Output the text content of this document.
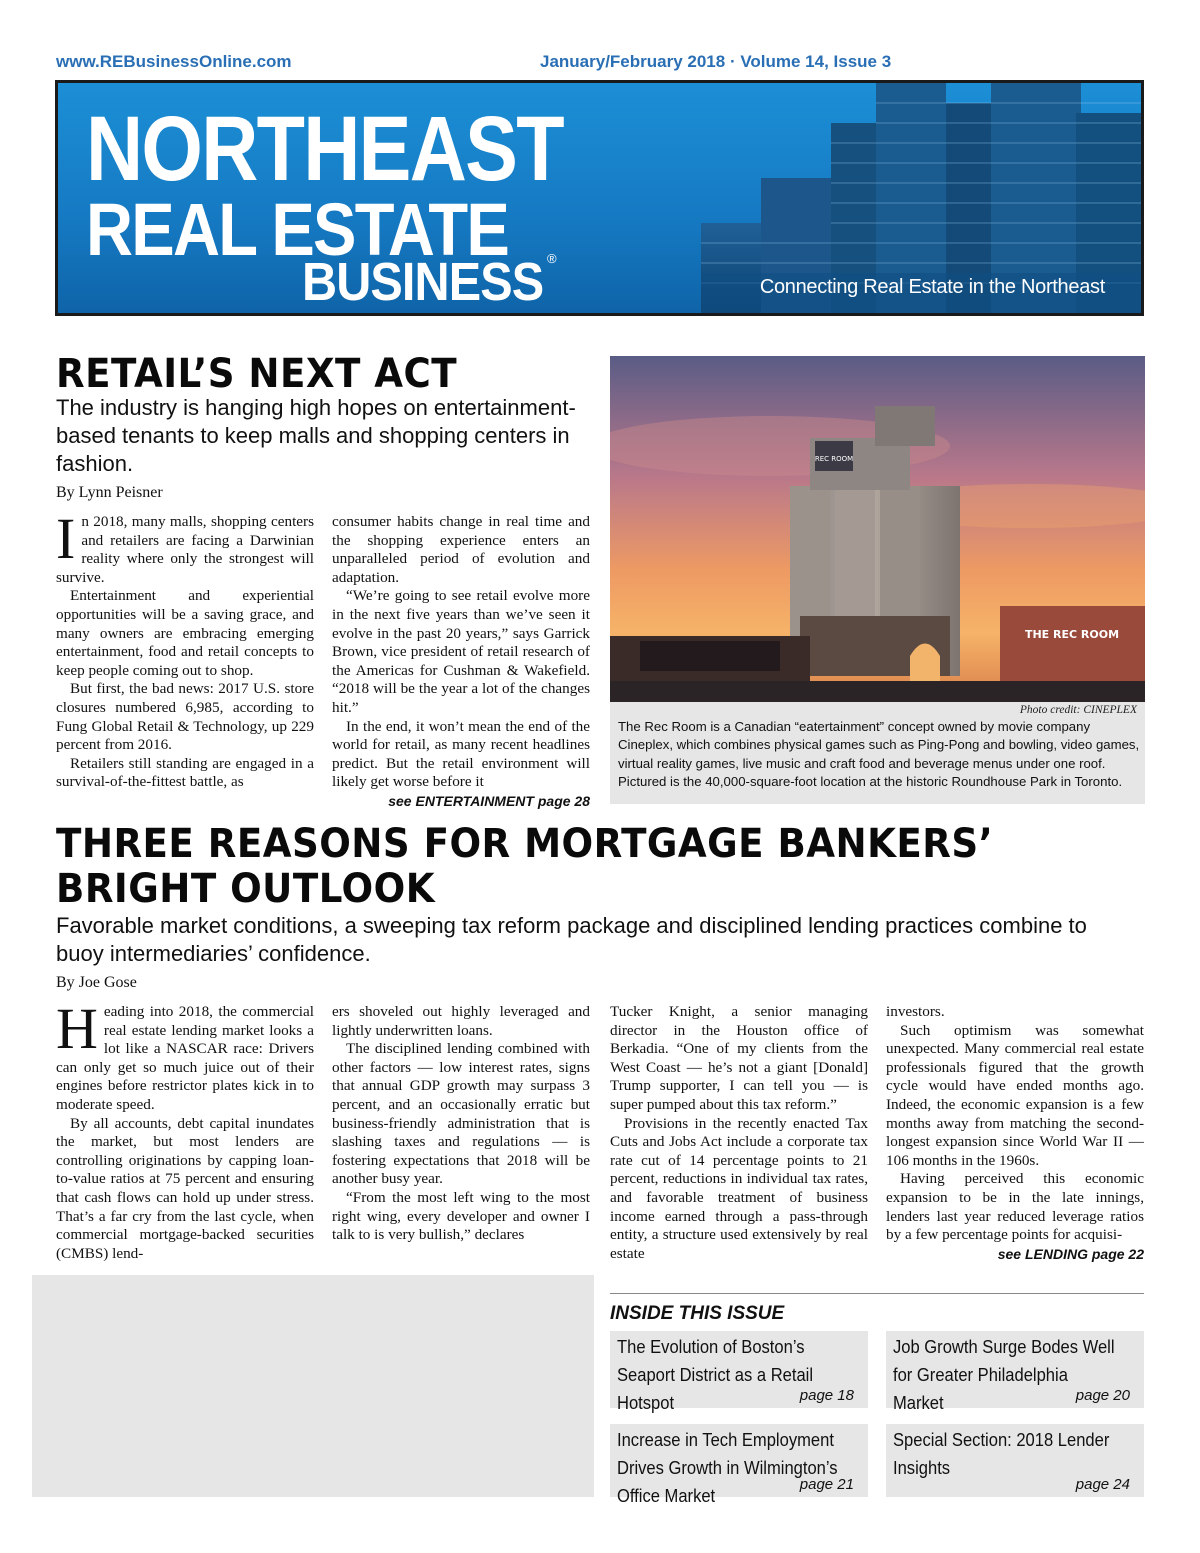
www.REBusinessOnline.com	January/February 2018 · Volume 14, Issue 3
NORTHEAST
REAL ESTATE
BUSINESS ®
Connecting Real Estate in the Northeast
RETAIL’S NEXT ACT
The industry is hanging high hopes on entertainment-based tenants to keep malls and shopping centers in fashion.
By Lynn Peisner

In 2018, many malls, shopping centers and retailers are facing a Darwinian reality where only the strongest will survive.

Entertainment and experiential opportunities will be a saving grace, and many owners are embracing emerging entertainment, food and retail concepts to keep people coming out to shop.

But first, the bad news: 2017 U.S. store closures numbered 6,985, according to Fung Global Retail & Technology, up 229 percent from 2016.

Retailers still standing are engaged in a survival-of-the-fittest battle, as

consumer habits change in real time and the shopping experience enters an unparalleled period of evolution and adaptation.

“We’re going to see retail evolve more in the next five years than we’ve seen it evolve in the past 20 years,” says Garrick Brown, vice president of retail research of the Americas for Cushman & Wakefield. “2018 will be the year a lot of the changes hit.”

In the end, it won’t mean the end of the world for retail, as many recent headlines predict. But the retail environment will likely get worse before it

see ENTERTAINMENT page 28
REC ROOM
THE REC ROOM
Photo credit: CINEPLEX
The Rec Room is a Canadian “eatertainment” concept owned by movie company Cineplex, which combines physical games such as Ping-Pong and bowling, video games, virtual reality games, live music and craft food and beverage menus under one roof. Pictured is the 40,000-square-foot location at the historic Roundhouse Park in Toronto.
THREE REASONS FOR MORTGAGE BANKERS’
BRIGHT OUTLOOK
Favorable market conditions, a sweeping tax reform package and disciplined lending practices combine to buoy intermediaries’ confidence.
By Joe Gose

Heading into 2018, the commercial real estate lending market looks a lot like a NASCAR race: Drivers can only get so much juice out of their engines before restrictor plates kick in to moderate speed.

By all accounts, debt capital inundates the market, but most lenders are controlling originations by capping loan-to-value ratios at 75 percent and ensuring that cash flows can hold up under stress. That’s a far cry from the last cycle, when commercial mortgage-backed securities (CMBS) lend-

ers shoveled out highly leveraged and lightly underwritten loans.

The disciplined lending combined with other factors — low interest rates, signs that annual GDP growth may surpass 3 percent, and an occasionally erratic but business-friendly administration that is slashing taxes and regulations — is fostering expectations that 2018 will be another busy year.

“From the most left wing to the most right wing, every developer and owner I talk to is very bullish,” declares

Tucker Knight, a senior managing director in the Houston office of Berkadia. “One of my clients from the West Coast — he’s not a giant [Donald] Trump supporter, I can tell you — is super pumped about this tax reform.”

Provisions in the recently enacted Tax Cuts and Jobs Act include a corporate tax rate cut of 14 percentage points to 21 percent, reductions in individual tax rates, and favorable treatment of business income earned through a pass-through entity, a structure used extensively by real estate

investors.

Such optimism was somewhat unexpected. Many commercial real estate professionals figured that the growth cycle would have ended months ago. Indeed, the economic expansion is a few months away from matching the second-longest expansion since World War II — 106 months in the 1960s.

Having perceived this economic expansion to be in the late innings, lenders last year reduced leverage ratios by a few percentage points for acquisi-

see LENDING page 22
INSIDE THIS ISSUE
The Evolution of Boston’s Seaport District as a Retail Hotspot	page 18
Job Growth Surge Bodes Well for Greater Philadelphia Market	page 20
Increase in Tech Employment Drives Growth in Wilmington’s Office Market
page 21
Special Section: 2018 Lender Insights
page 24
